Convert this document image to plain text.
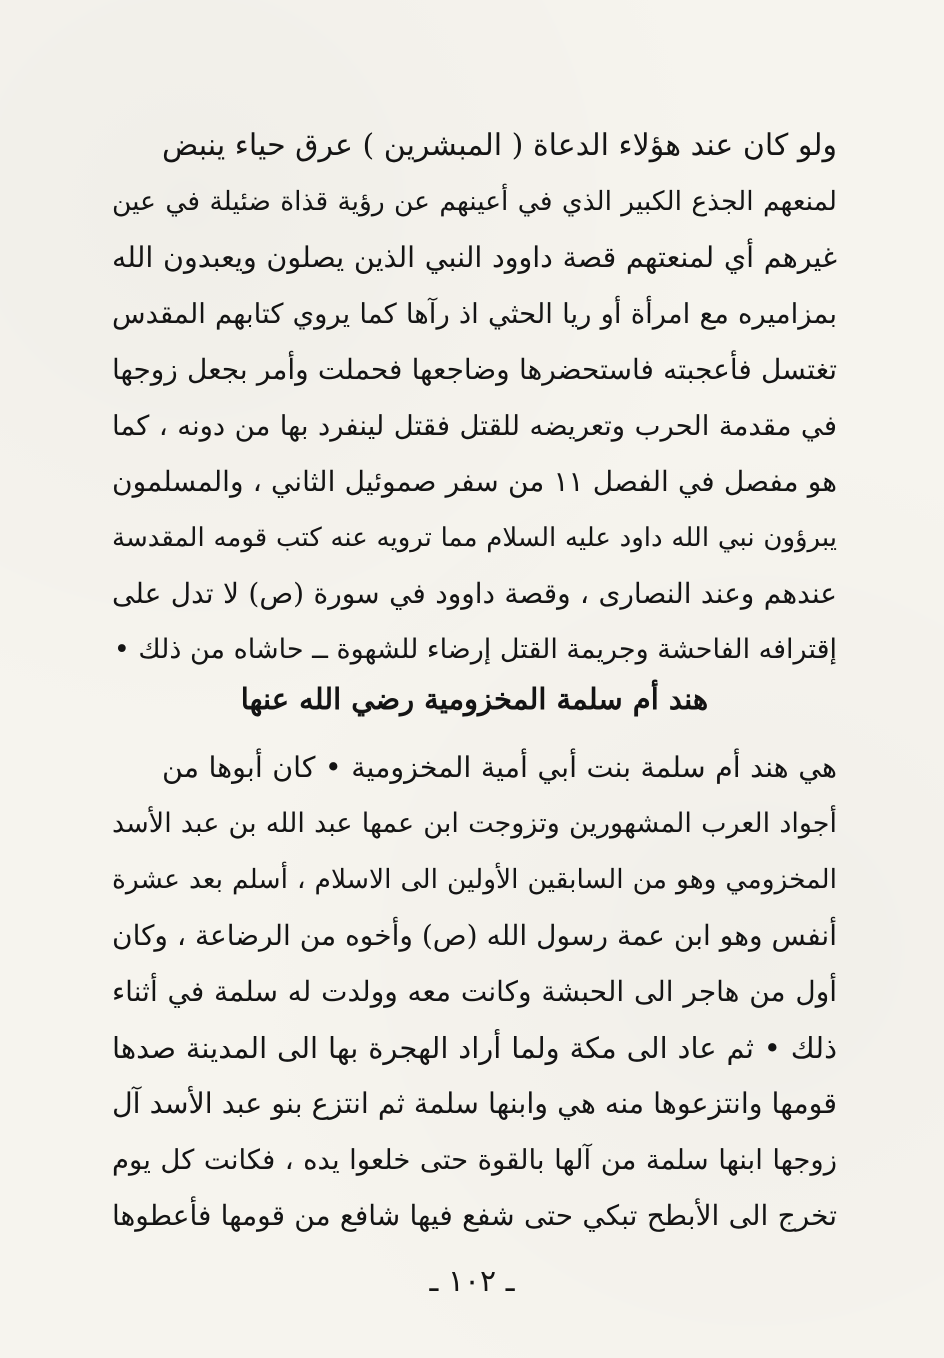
ولو كان عند هؤلاء الدعاة ( المبشرين ) عرق حياء ينبض
لمنعهم الجذع الكبير الذي في أعينهم عن رؤية قذاة ضئيلة في عين
غيرهم أي لمنعتهم قصة داوود النبي الذين يصلون ويعبدون الله
بمزاميره مع امرأة أو ريا الحثي اذ رآها كما يروي كتابهم المقدس
تغتسل فأعجبته فاستحضرها وضاجعها فحملت وأمر بجعل زوجها
في مقدمة الحرب وتعريضه للقتل فقتل لينفرد بها من دونه ، كما
هو مفصل في الفصل ١١ من سفر صموئيل الثاني ، والمسلمون
يبرؤون نبي الله داود عليه السلام مما ترويه عنه كتب قومه المقدسة
عندهم وعند النصارى ، وقصة داوود في سورة (ص) لا تدل على
إقترافه الفاحشة وجريمة القتل إرضاء للشهوة ــ حاشاه من ذلك •
هند أم سلمة المخزومية رضي الله عنها
هي هند أم سلمة بنت أبي أمية المخزومية • كان أبوها من
أجواد العرب المشهورين وتزوجت ابن عمها عبد الله بن عبد الأسد
المخزومي وهو من السابقين الأولين الى الاسلام ، أسلم بعد عشرة
أنفس وهو ابن عمة رسول الله (ص) وأخوه من الرضاعة ، وكان
أول من هاجر الى الحبشة وكانت معه وولدت له سلمة في أثناء
ذلك • ثم عاد الى مكة ولما أراد الهجرة بها الى المدينة صدها
قومها وانتزعوها منه هي وابنها سلمة ثم انتزع بنو عبد الأسد آل
زوجها ابنها سلمة من آلها بالقوة حتى خلعوا يده ، فكانت كل يوم
تخرج الى الأبطح تبكي حتى شفع فيها شافع من قومها فأعطوها
ـ ١٠٢ ـ
